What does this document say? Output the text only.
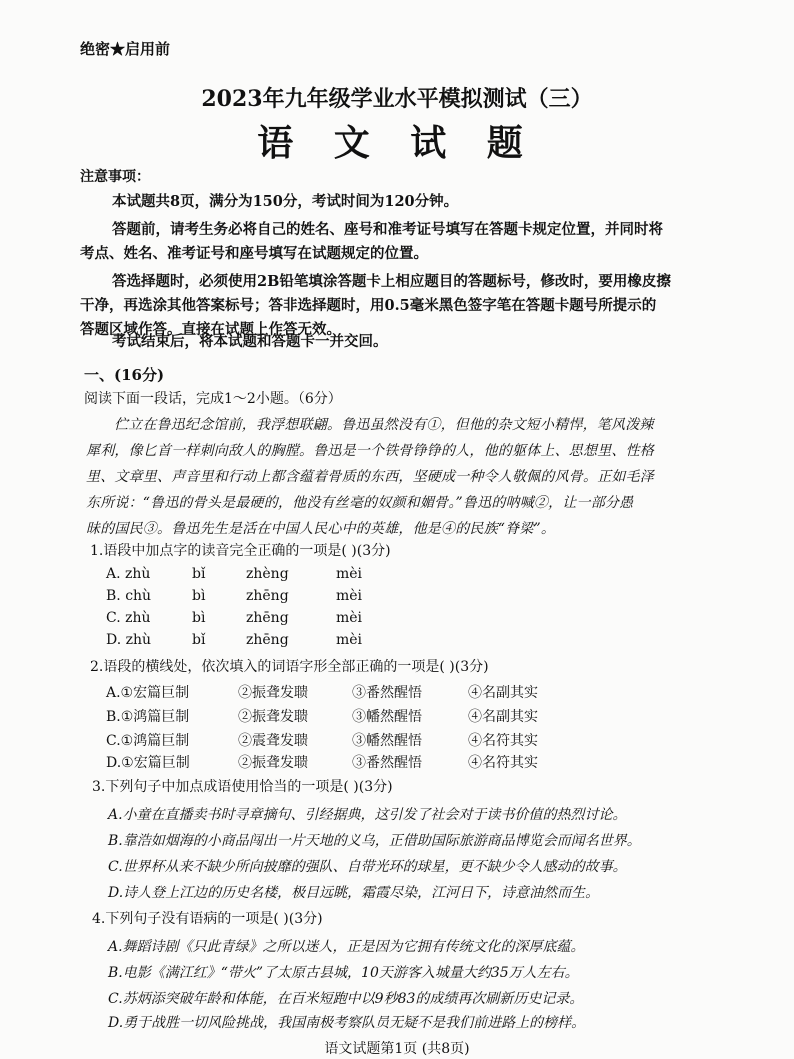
绝密★启用前
2023年九年级学业水平模拟测试（三）
语 文 试 题
注意事项：
本试题共8页，满分为150分，考试时间为120分钟。
答题前，请考生务必将自己的姓名、座号和准考证号填写在答题卡规定位置，并同时将
考点、姓名、准考证号和座号填写在试题规定的位置。
答选择题时，必须使用2B铅笔填涂答题卡上相应题目的答题标号，修改时，要用橡皮擦
干净，再选涂其他答案标号；答非选择题时，用0.5毫米黑色签字笔在答题卡题号所提示的
答题区域作答。直接在试题上作答无效。
考试结束后，将本试题和答题卡一并交回。
一、(16分)
阅读下面一段话，完成1～2小题。（6分）
伫立在鲁迅纪念馆前，我浮想联翩。鲁迅虽然没有①，但他的杂文短小精悍，笔风泼辣
犀利，像匕首一样刺向敌人的胸膛。鲁迅是一个铁骨铮铮的人，他的躯体上、思想里、性格
里、文章里、声音里和行动上都含蕴着骨质的东西，坚硬成一种令人敬佩的风骨。正如毛泽
东所说：“鲁迅的骨头是最硬的，他没有丝毫的奴颜和媚骨。”鲁迅的呐喊②，让一部分愚
昧的国民③。鲁迅先生是活在中国人民心中的英雄，他是④的民族“脊梁”。
1.语段中加点字的读音完全正确的一项是( )(3分)
A. zhù	bǐ	zhèng	mèi
B. chù	bì	zhēng	mèi
C. zhù	bì	zhēng	mèi
D. zhù	bǐ	zhēng	mèi
2.语段的横线处，依次填入的词语字形全部正确的一项是( )(3分)
A.①宏篇巨制	②振聋发聩	③番然醒悟	④名副其实
B.①鸿篇巨制	②振聋发聩	③幡然醒悟	④名副其实
C.①鸿篇巨制	②震聋发聩	③幡然醒悟	④名符其实
D.①宏篇巨制	②振聋发聩	③番然醒悟	④名符其实
3.下列句子中加点成语使用恰当的一项是( )(3分)
A.小童在直播卖书时寻章摘句、引经据典，这引发了社会对于读书价值的热烈讨论。
B.靠浩如烟海的小商品闯出一片天地的义乌，正借助国际旅游商品博览会而闻名世界。
C.世界杯从来不缺少所向披靡的强队、自带光环的球星，更不缺少令人感动的故事。
D.诗人登上江边的历史名楼，极目远眺，霜霞尽染，江河日下，诗意油然而生。
4.下列句子没有语病的一项是( )(3分)
A.舞蹈诗剧《只此青绿》之所以迷人，正是因为它拥有传统文化的深厚底蕴。
B.电影《满江红》“带火”了太原古县城，10天游客入城量大约35万人左右。
C.苏炳添突破年龄和体能，在百米短跑中以9秒83的成绩再次刷新历史记录。
D.勇于战胜一切风险挑战，我国南极考察队员无疑不是我们前进路上的榜样。
语文试题第1页 (共8页)
